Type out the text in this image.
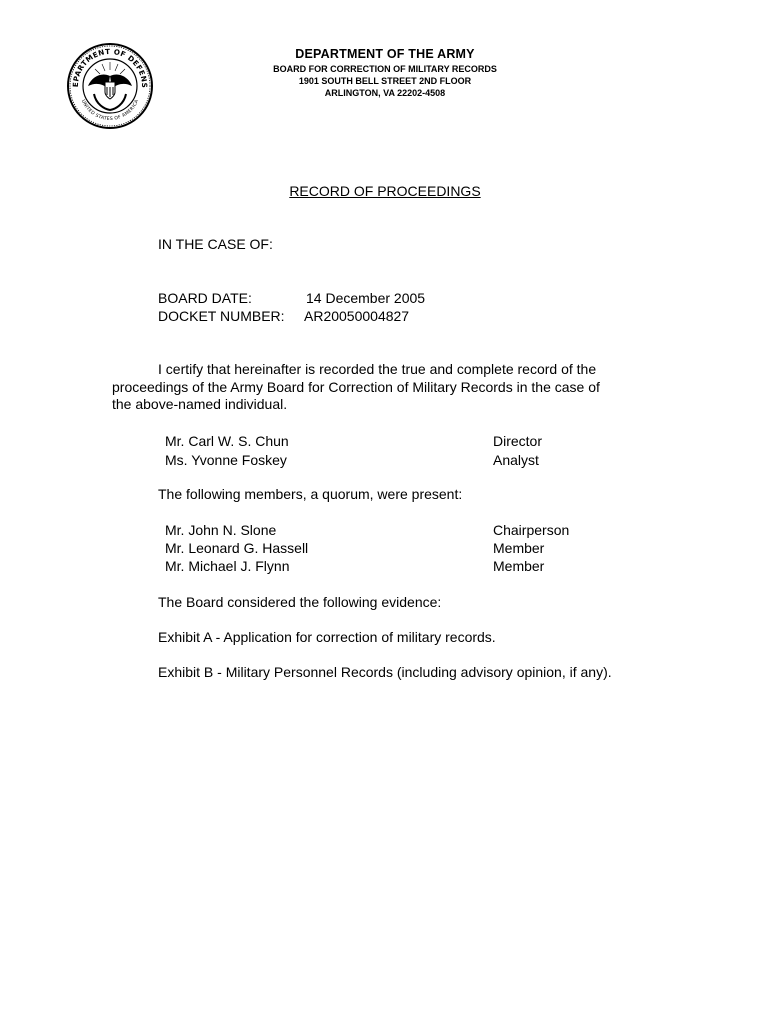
EPARTMENT OF DEFENS
UNITED STATES OF AMERICA
DEPARTMENT OF THE ARMY
BOARD FOR CORRECTION OF MILITARY RECORDS
1901 SOUTH BELL STREET 2ND FLOOR
ARLINGTON, VA 22202-4508
RECORD OF PROCEEDINGS
IN THE CASE OF:
BOARD DATE:	14 December 2005
DOCKET NUMBER: AR20050004827
I certify that hereinafter is recorded the true and complete record of the
proceedings of the Army Board for Correction of Military Records in the case of
the above-named individual.
Mr. Carl W. S. Chun	Director
Ms. Yvonne Foskey	Analyst
The following members, a quorum, were present:
Mr. John N. Slone	Chairperson
Mr. Leonard G. Hassell	Member
Mr. Michael J. Flynn	Member
The Board considered the following evidence:
Exhibit A - Application for correction of military records.
Exhibit B - Military Personnel Records (including advisory opinion, if any).
